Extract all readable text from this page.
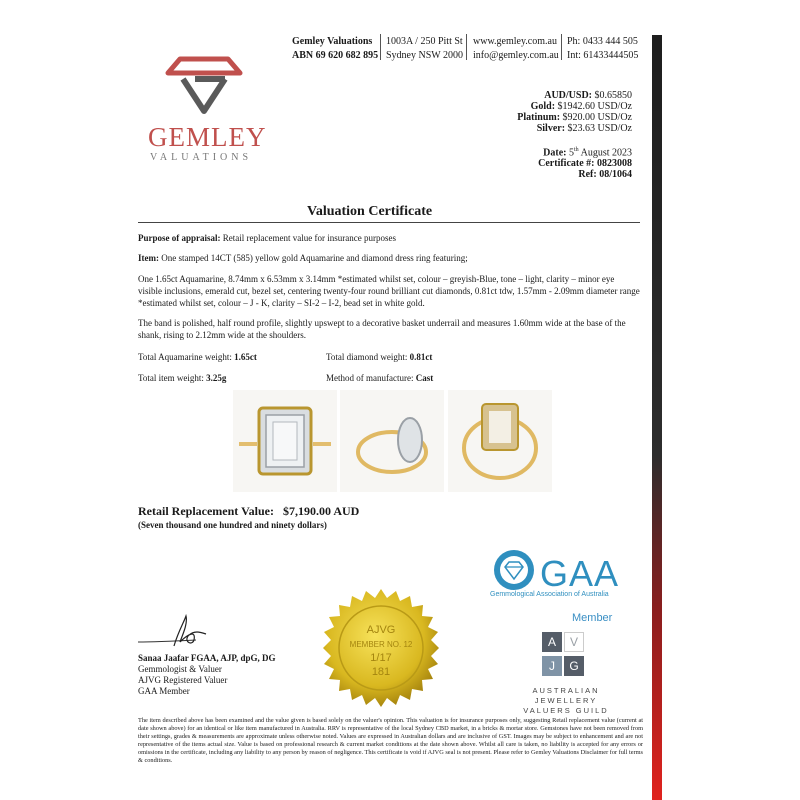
Gemley Valuations
ABN 69 620 682 895
1003A / 250 Pitt St
Sydney NSW 2000
www.gemley.com.au
info@gemley.com.au
Ph: 0433 444 505
Int: 61433444505
GEMLEY
VALUATIONS
AUD/USD: $0.65850
Gold: $1942.60 USD/Oz
Platinum: $920.00 USD/Oz
Silver: $23.63 USD/Oz
Date: 5th August 2023
Certificate #: 0823008
Ref: 08/1064
Valuation Certificate
Purpose of appraisal: Retail replacement value for insurance purposes
Item: One stamped 14CT (585) yellow gold Aquamarine and diamond dress ring featuring;
One 1.65ct Aquamarine, 8.74mm x 6.53mm x 3.14mm *estimated whilst set, colour – greyish-Blue, tone – light, clarity – minor eye visible inclusions, emerald cut, bezel set, centering twenty-four round brilliant cut diamonds, 0.81ct tdw, 1.57mm - 2.09mm diameter range *estimated whilst set, colour – J - K, clarity – SI-2 – I-2, bead set in white gold.
The band is polished, half round profile, slightly upswept to a decorative basket underrail and measures 1.60mm wide at the base of the shank, rising to 2.12mm wide at the shoulders.
Total Aquamarine weight: 1.65ct	Total diamond weight: 0.81ct
Total item weight: 3.25g	Method of manufacture: Cast
Retail Replacement Value: $7,190.00 AUD
(Seven thousand one hundred and ninety dollars)
Sanaa Jaafar FGAA, AJP, dpG, DG
Gemmologist & Valuer
AJVG Registered Valuer
GAA Member
AJVG
MEMBER NO. 12
1/17
181
GAA
Gemmological Association of Australia
Member
A	V
J	G
AUSTRALIAN JEWELLERY
VALUERS GUILD
The item described above has been examined and the value given is based solely on the valuer's opinion. This valuation is for insurance purposes only, suggesting Retail replacement value (current at date shown above) for an identical or like item manufactured in Australia. RRV is representative of the local Sydney CBD market, in a bricks & mortar store. Gemstones have not been removed from their settings, grades & measurements are approximate unless otherwise noted. Values are expressed in Australian dollars and are inclusive of GST. Images may be subject to enhancement and are not representative of the items actual size. Value is based on professional research & current market conditions at the date shown above. Whilst all care is taken, no liability is accepted for any errors or omissions in the certificate, including any liability to any person by reason of negligence. This certificate is void if AJVG seal is not present. Please refer to Gemley Valuations Disclaimer for full terms & conditions.
